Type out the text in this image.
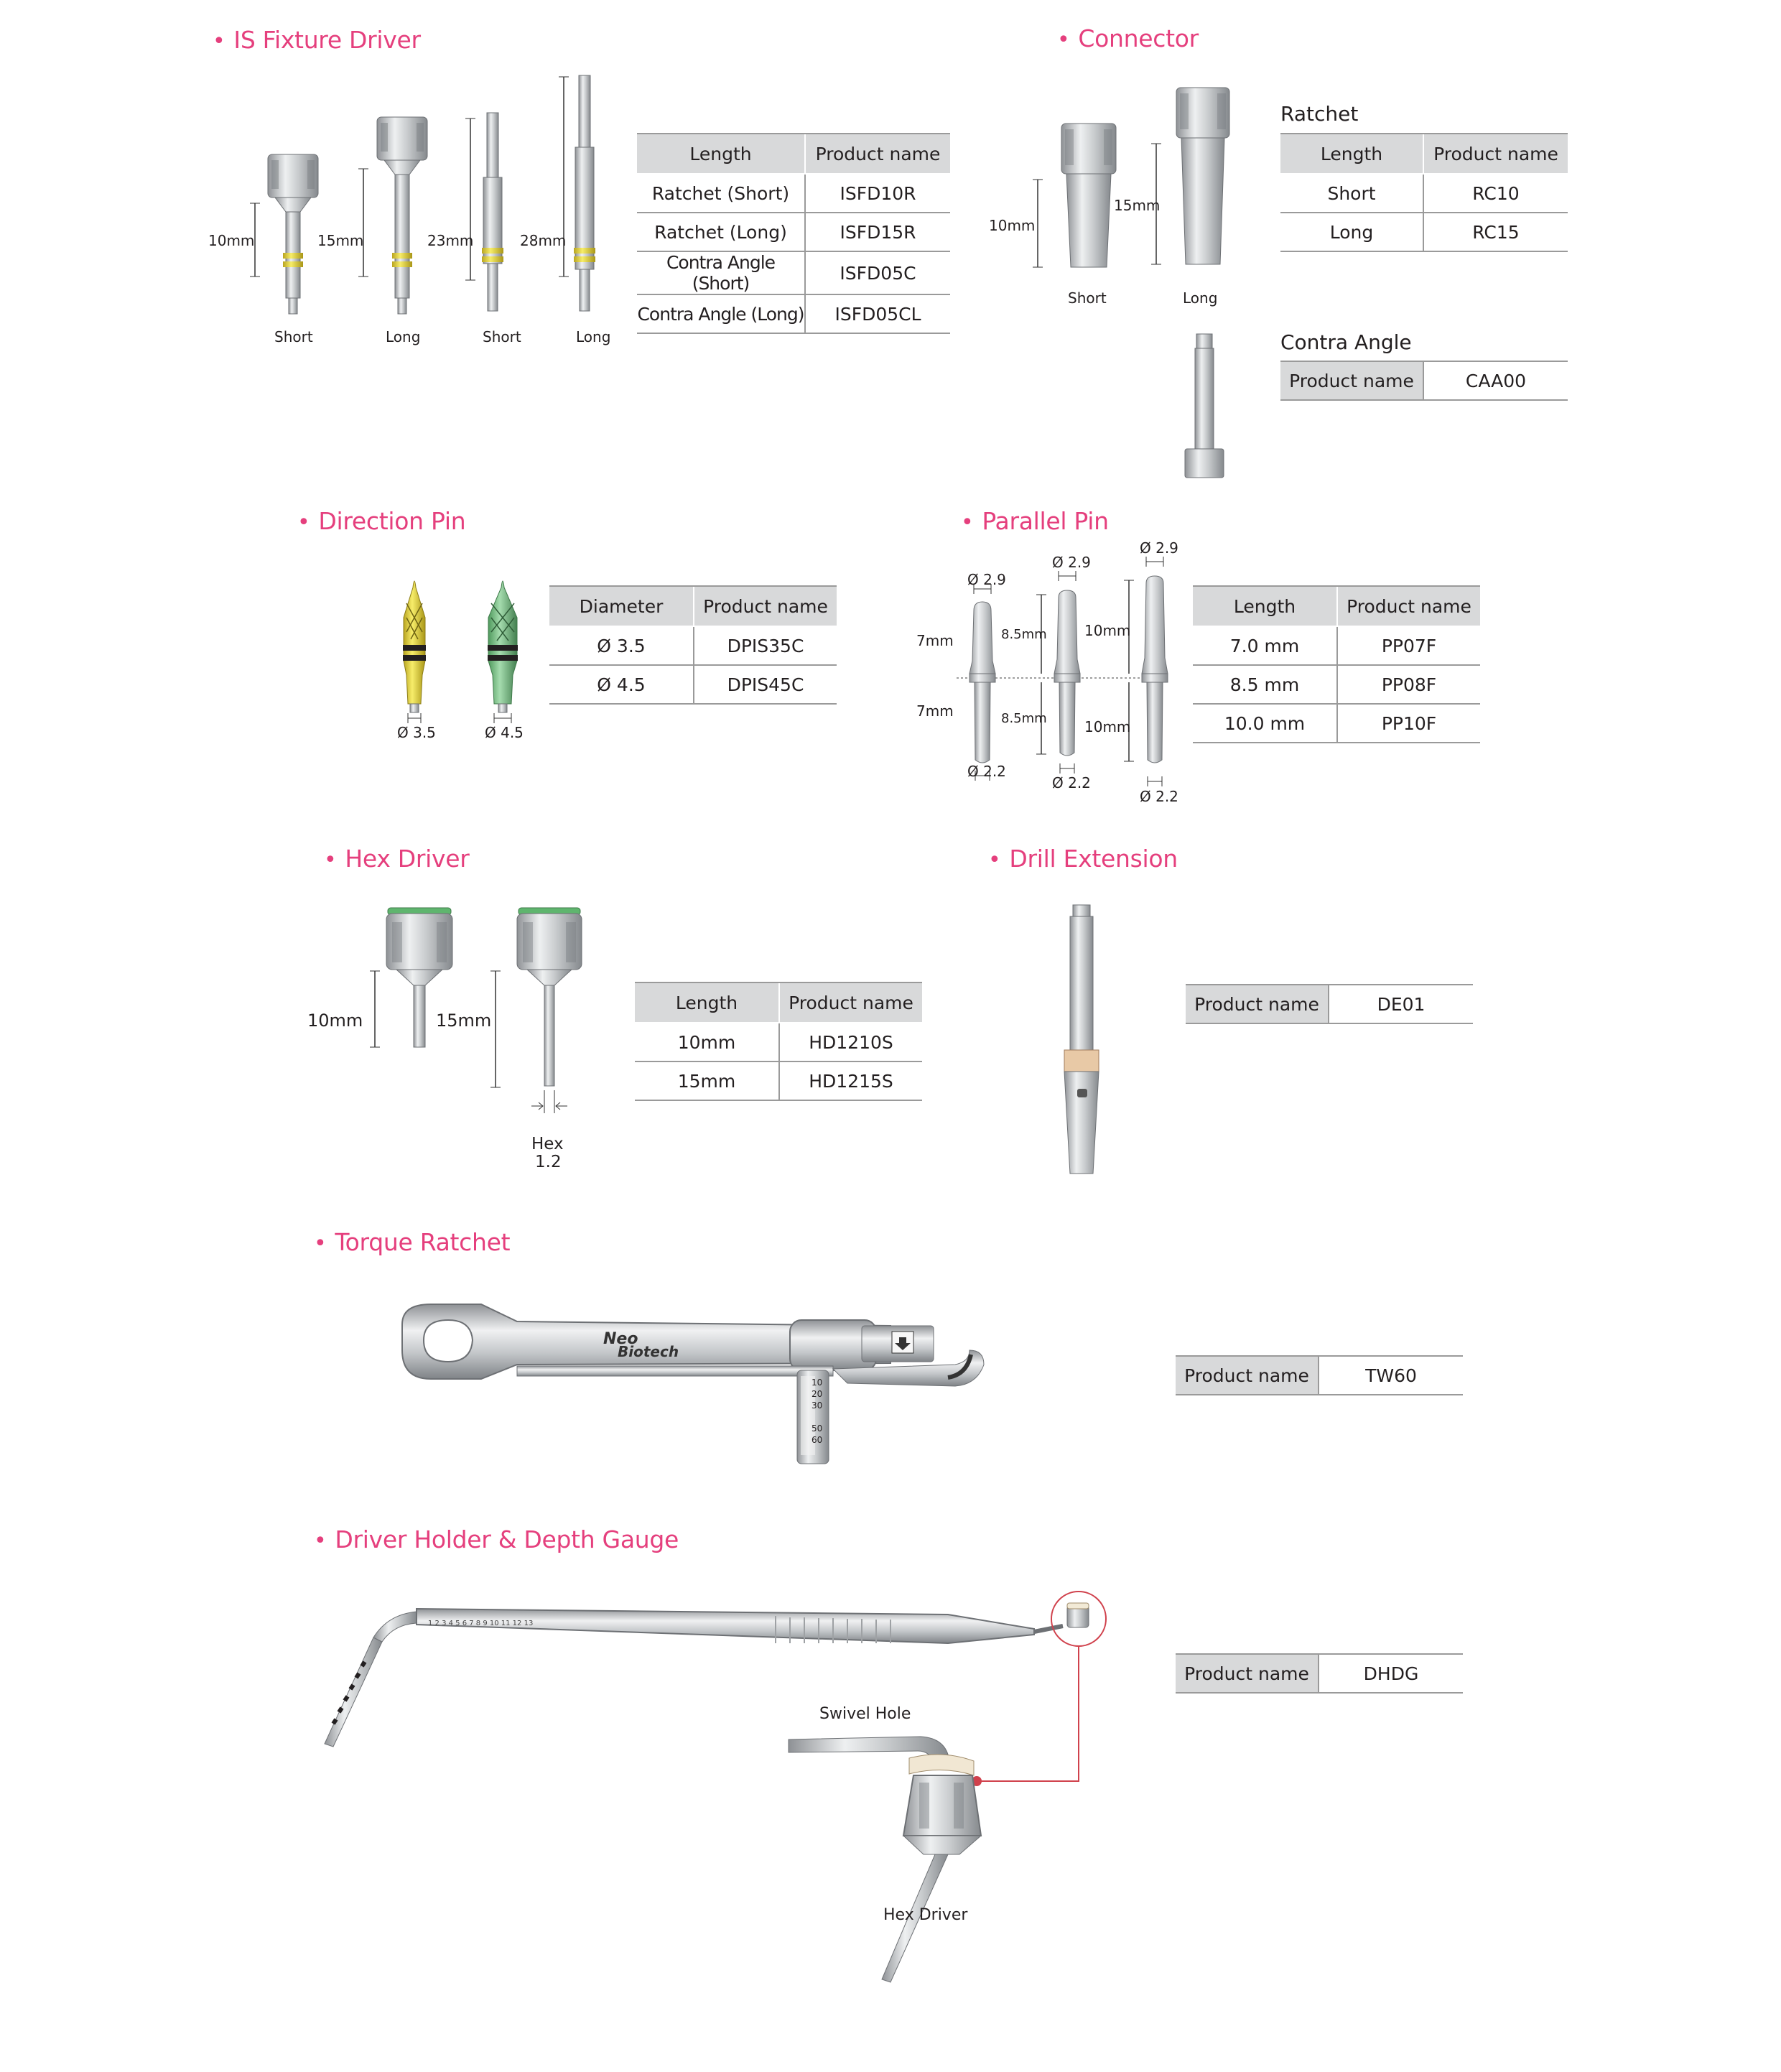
• IS Fixture Driver	• Connector
• Direction Pin	• Parallel Pin
• Hex Driver	• Drill Extension
• Torque Ratchet
• Driver Holder & Depth Gauge
10mm	15mm	23mm	28mm
Short	Long	Short	Long
Length	Product name
Ratchet (Short)	ISFD10R
Ratchet (Long)	ISFD15R
Contra Angle (Short)	ISFD05C
Contra Angle (Long)	ISFD05CL
10mm
15mm
Short	Long
Ratchet
Length	Product name
Short	RC10
Long	RC15
Contra Angle
Product name	CAA00
Ø 3.5	Ø 4.5
Diameter	Product name
Ø 3.5	DPIS35C
Ø 4.5	DPIS45C
Ø 2.9
Ø 2.9
Ø 2.9
Ø 2.2
Ø 2.2
Ø 2.2
7mm	8.5mm	10mm
7mm	8.5mm	10mm
Length	Product name
7.0 mm	PP07F
8.5 mm	PP08F
10.0 mm	PP10F
10mm	15mm
Hex
1.2
Length	Product name
10mm	HD1210S
15mm	HD1215S
Product name	DE01
Neo
Biotech
10
20
30
50
60
Product name	TW60
1 2 3 4 5 6 7 8 9 10 11 12 13
Swivel Hole
Hex Driver
Product name	DHDG
